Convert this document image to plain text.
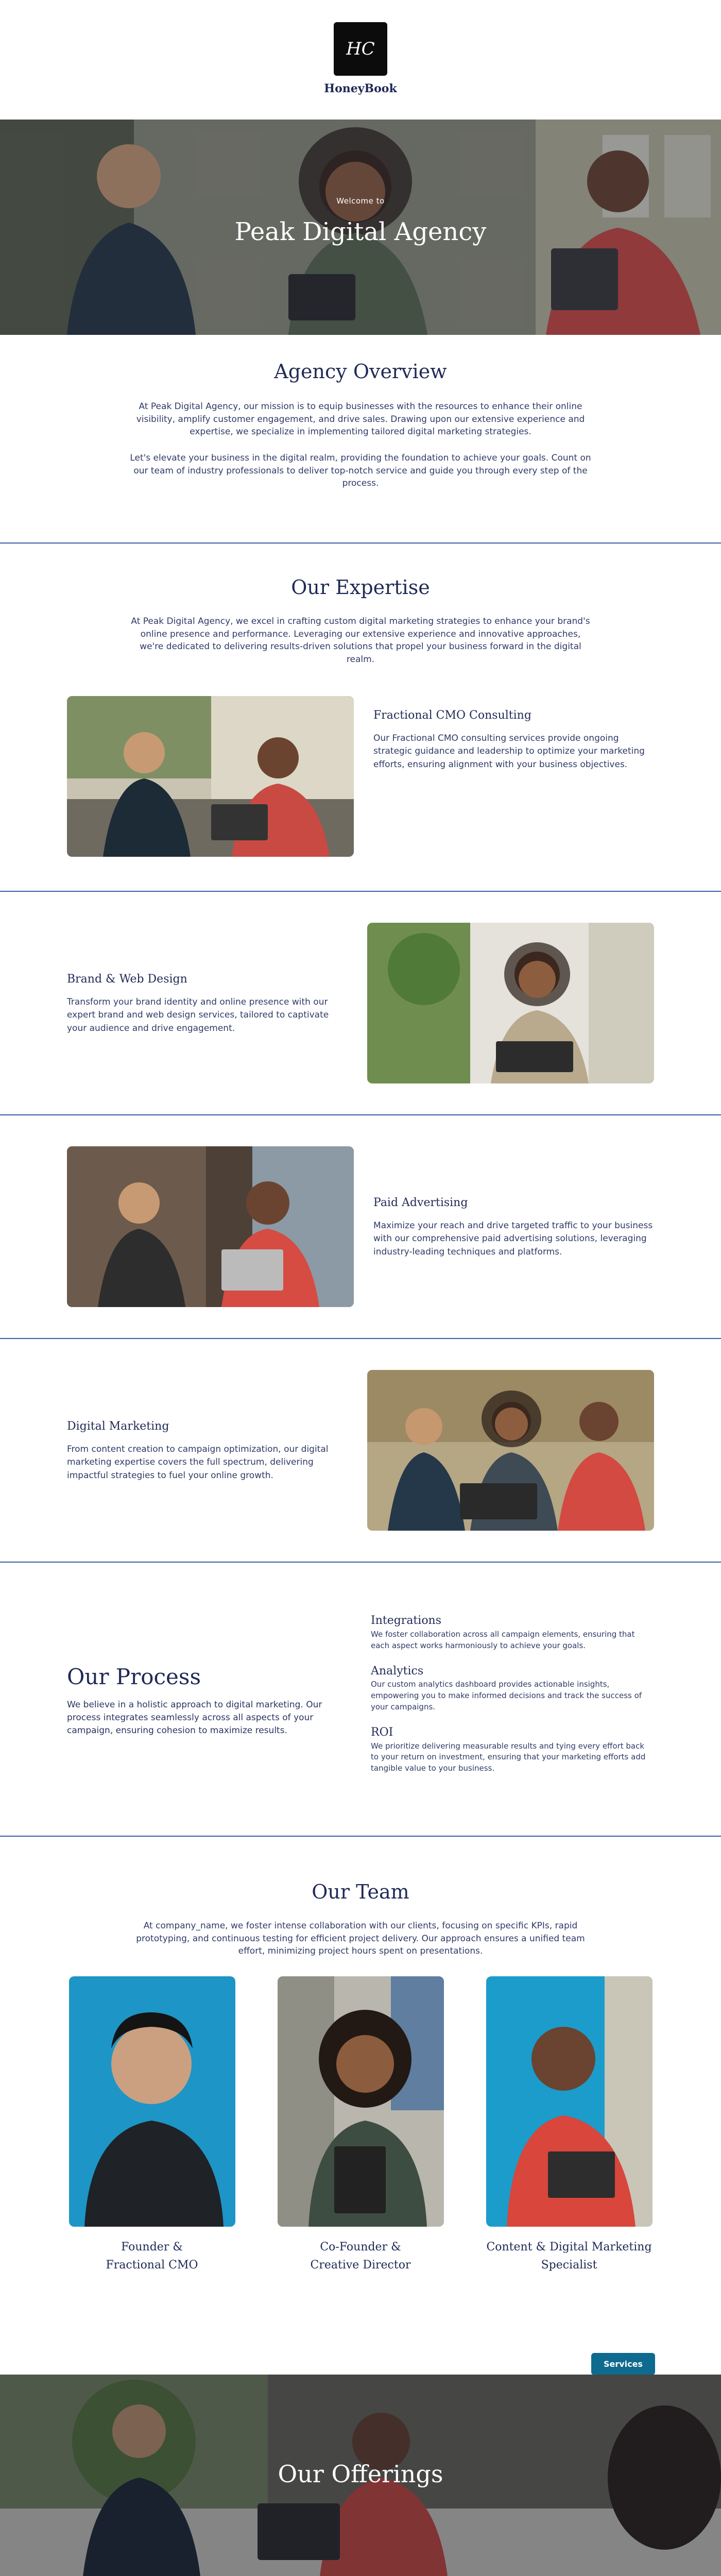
HC
HoneyBook
Welcome to
Peak Digital Agency
Agency Overview

At Peak Digital Agency, our mission is to equip businesses with the resources to enhance their online visibility, amplify customer engagement, and drive sales. Drawing upon our extensive experience and expertise, we specialize in implementing tailored digital marketing strategies.

Let's elevate your business in the digital realm, providing the foundation to achieve your goals. Count on our team of industry professionals to deliver top-notch service and guide you through every step of the process.

Our Expertise

At Peak Digital Agency, we excel in crafting custom digital marketing strategies to enhance your brand's online presence and performance. Leveraging our extensive experience and innovative approaches, we're dedicated to delivering results-driven solutions that propel your business forward in the digital realm.

Fractional CMO Consulting

Our Fractional CMO consulting services provide ongoing strategic guidance and leadership to optimize your marketing efforts, ensuring alignment with your business objectives.

Brand & Web Design

Transform your brand identity and online presence with our expert brand and web design services, tailored to captivate your audience and drive engagement.

Paid Advertising

Maximize your reach and drive targeted traffic to your business with our comprehensive paid advertising solutions, leveraging industry-leading techniques and platforms.

Digital Marketing

From content creation to campaign optimization, our digital marketing expertise covers the full spectrum, delivering impactful strategies to fuel your online growth.

Our Process

We believe in a holistic approach to digital marketing. Our process integrates seamlessly across all aspects of your campaign, ensuring cohesion to maximize results.

Integrations

We foster collaboration across all campaign elements, ensuring that each aspect works harmoniously to achieve your goals.

Analytics

Our custom analytics dashboard provides actionable insights, empowering you to make informed decisions and track the success of your campaigns.

ROI

We prioritize delivering measurable results and tying every effort back to your return on investment, ensuring that your marketing efforts add tangible value to your business.

Our Team

At company_name, we foster intense collaboration with our clients, focusing on specific KPIs, rapid prototyping, and continuous testing for efficient project delivery. Our approach ensures a unified team effort, minimizing project hours spent on presentations.

Founder &
Fractional CMO
Co-Founder &
Creative Director
Content & Digital Marketing
Specialist
Services
Our Offerings
